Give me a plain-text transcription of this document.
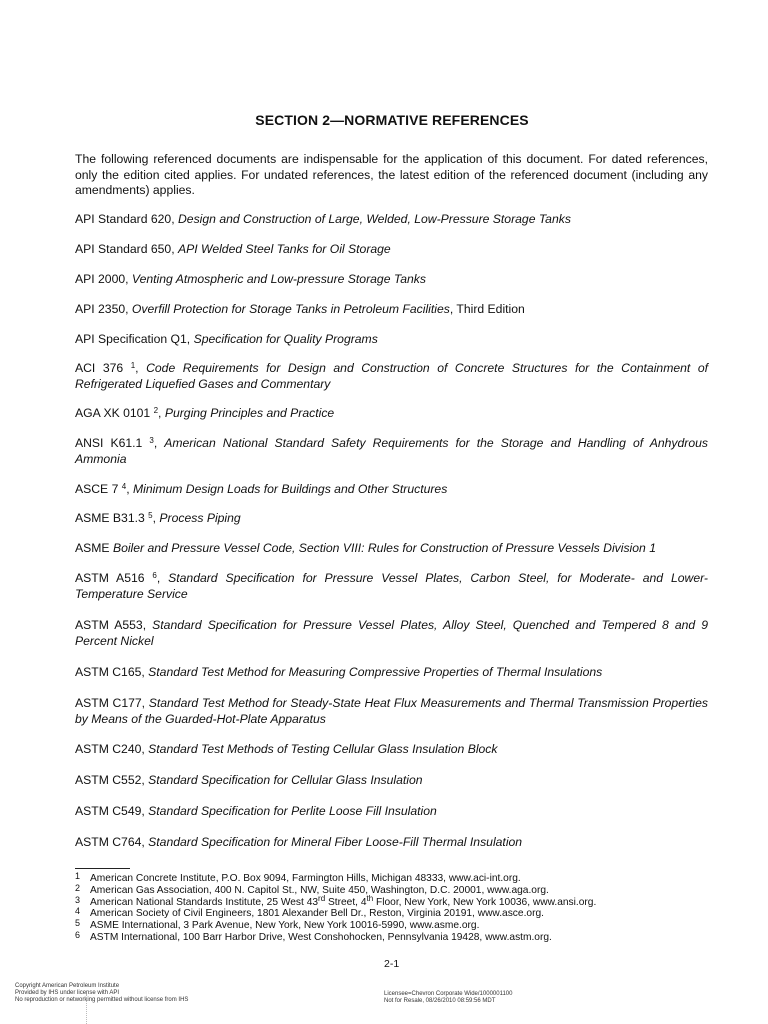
SECTION 2—NORMATIVE REFERENCES
The following referenced documents are indispensable for the application of this document. For dated references, only the edition cited applies. For undated references, the latest edition of the referenced document (including any amendments) applies.
API Standard 620, Design and Construction of Large, Welded, Low-Pressure Storage Tanks
API Standard 650, API Welded Steel Tanks for Oil Storage
API 2000, Venting Atmospheric and Low-pressure Storage Tanks
API 2350, Overfill Protection for Storage Tanks in Petroleum Facilities, Third Edition
API Specification Q1, Specification for Quality Programs
ACI 376 $^1$, Code Requirements for Design and Construction of Concrete Structures for the Containment of Refrigerated Liquefied Gases and Commentary
AGA XK 0101 $^2$, Purging Principles and Practice
ANSI K61.1 $^3$, American National Standard Safety Requirements for the Storage and Handling of Anhydrous Ammonia
ASCE 7 $^4$, Minimum Design Loads for Buildings and Other Structures
ASME B31.3 $^5$, Process Piping
ASME Boiler and Pressure Vessel Code, Section VIII: Rules for Construction of Pressure Vessels Division 1
ASTM A516 $^6$, Standard Specification for Pressure Vessel Plates, Carbon Steel, for Moderate- and Lower-Temperature Service
ASTM A553, Standard Specification for Pressure Vessel Plates, Alloy Steel, Quenched and Tempered 8 and 9 Percent Nickel
ASTM C165, Standard Test Method for Measuring Compressive Properties of Thermal Insulations
ASTM C177, Standard Test Method for Steady-State Heat Flux Measurements and Thermal Transmission Properties by Means of the Guarded-Hot-Plate Apparatus
ASTM C240, Standard Test Methods of Testing Cellular Glass Insulation Block
ASTM C552, Standard Specification for Cellular Glass Insulation
ASTM C549, Standard Specification for Perlite Loose Fill Insulation
ASTM C764, Standard Specification for Mineral Fiber Loose-Fill Thermal Insulation
1 American Concrete Institute, P.O. Box 9094, Farmington Hills, Michigan 48333, www.aci-int.org.
2 American Gas Association, 400 N. Capitol St., NW, Suite 450, Washington, D.C. 20001, www.aga.org.
3 American National Standards Institute, 25 West 43rd Street, 4th Floor, New York, New York 10036, www.ansi.org.
4 American Society of Civil Engineers, 1801 Alexander Bell Dr., Reston, Virginia 20191, www.asce.org.
5 ASME International, 3 Park Avenue, New York, New York 10016-5990, www.asme.org.
6 ASTM International, 100 Barr Harbor Drive, West Conshohocken, Pennsylvania 19428, www.astm.org.
2-1
Copyright American Petroleum Institute
Provided by IHS under license with API
No reproduction or networking permitted without license from IHS
Licensee=Chevron Corporate Wide/1000001100
Not for Resale, 08/26/2010 08:59:56 MDT
